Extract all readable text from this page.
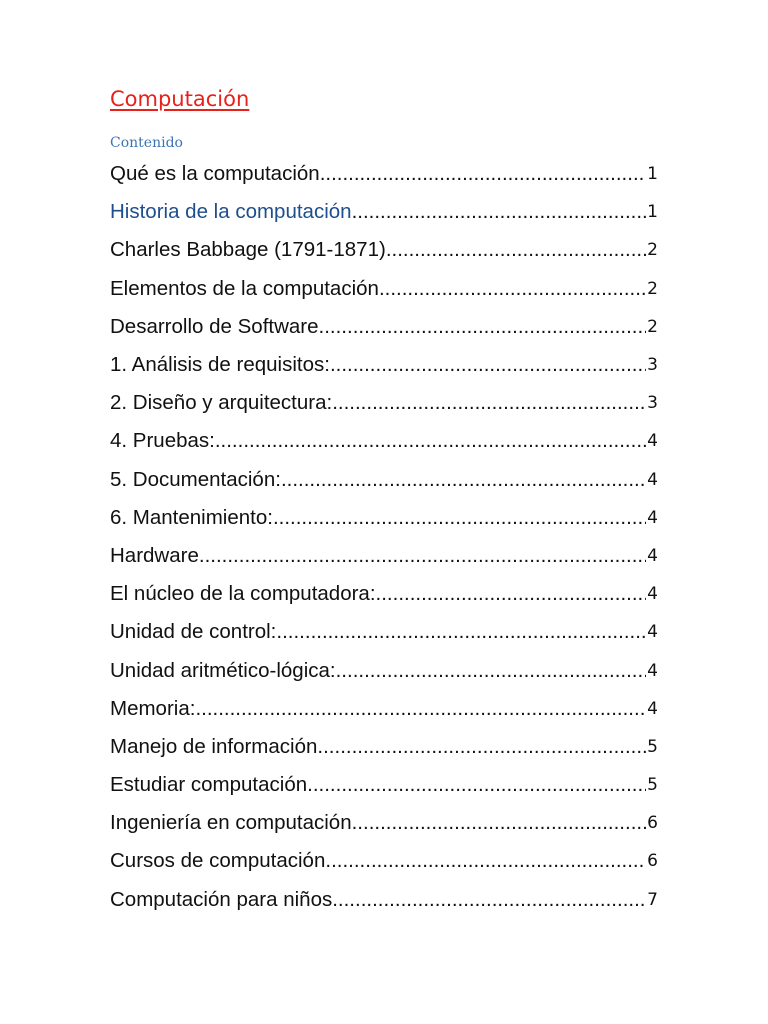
Computación
Contenido
Qué es la computación .....	1
Historia de la computación .....	1
Charles Babbage (1791-1871) .....	2
Elementos de la computación .....	2
Desarrollo de Software .....	2
1. Análisis de requisitos: .....	3
2. Diseño y arquitectura: .....	3
4. Pruebas: .....	4
5. Documentación: .....	4
6. Mantenimiento: .....	4
Hardware .....	4
El núcleo de la computadora: .....	4
Unidad de control: .....	4
Unidad aritmético-lógica: .....	4
Memoria: .....	4
Manejo de información .....	5
Estudiar computación .....	5
Ingeniería en computación .....	6
Cursos de computación .....	6
Computación para niños .....	7
